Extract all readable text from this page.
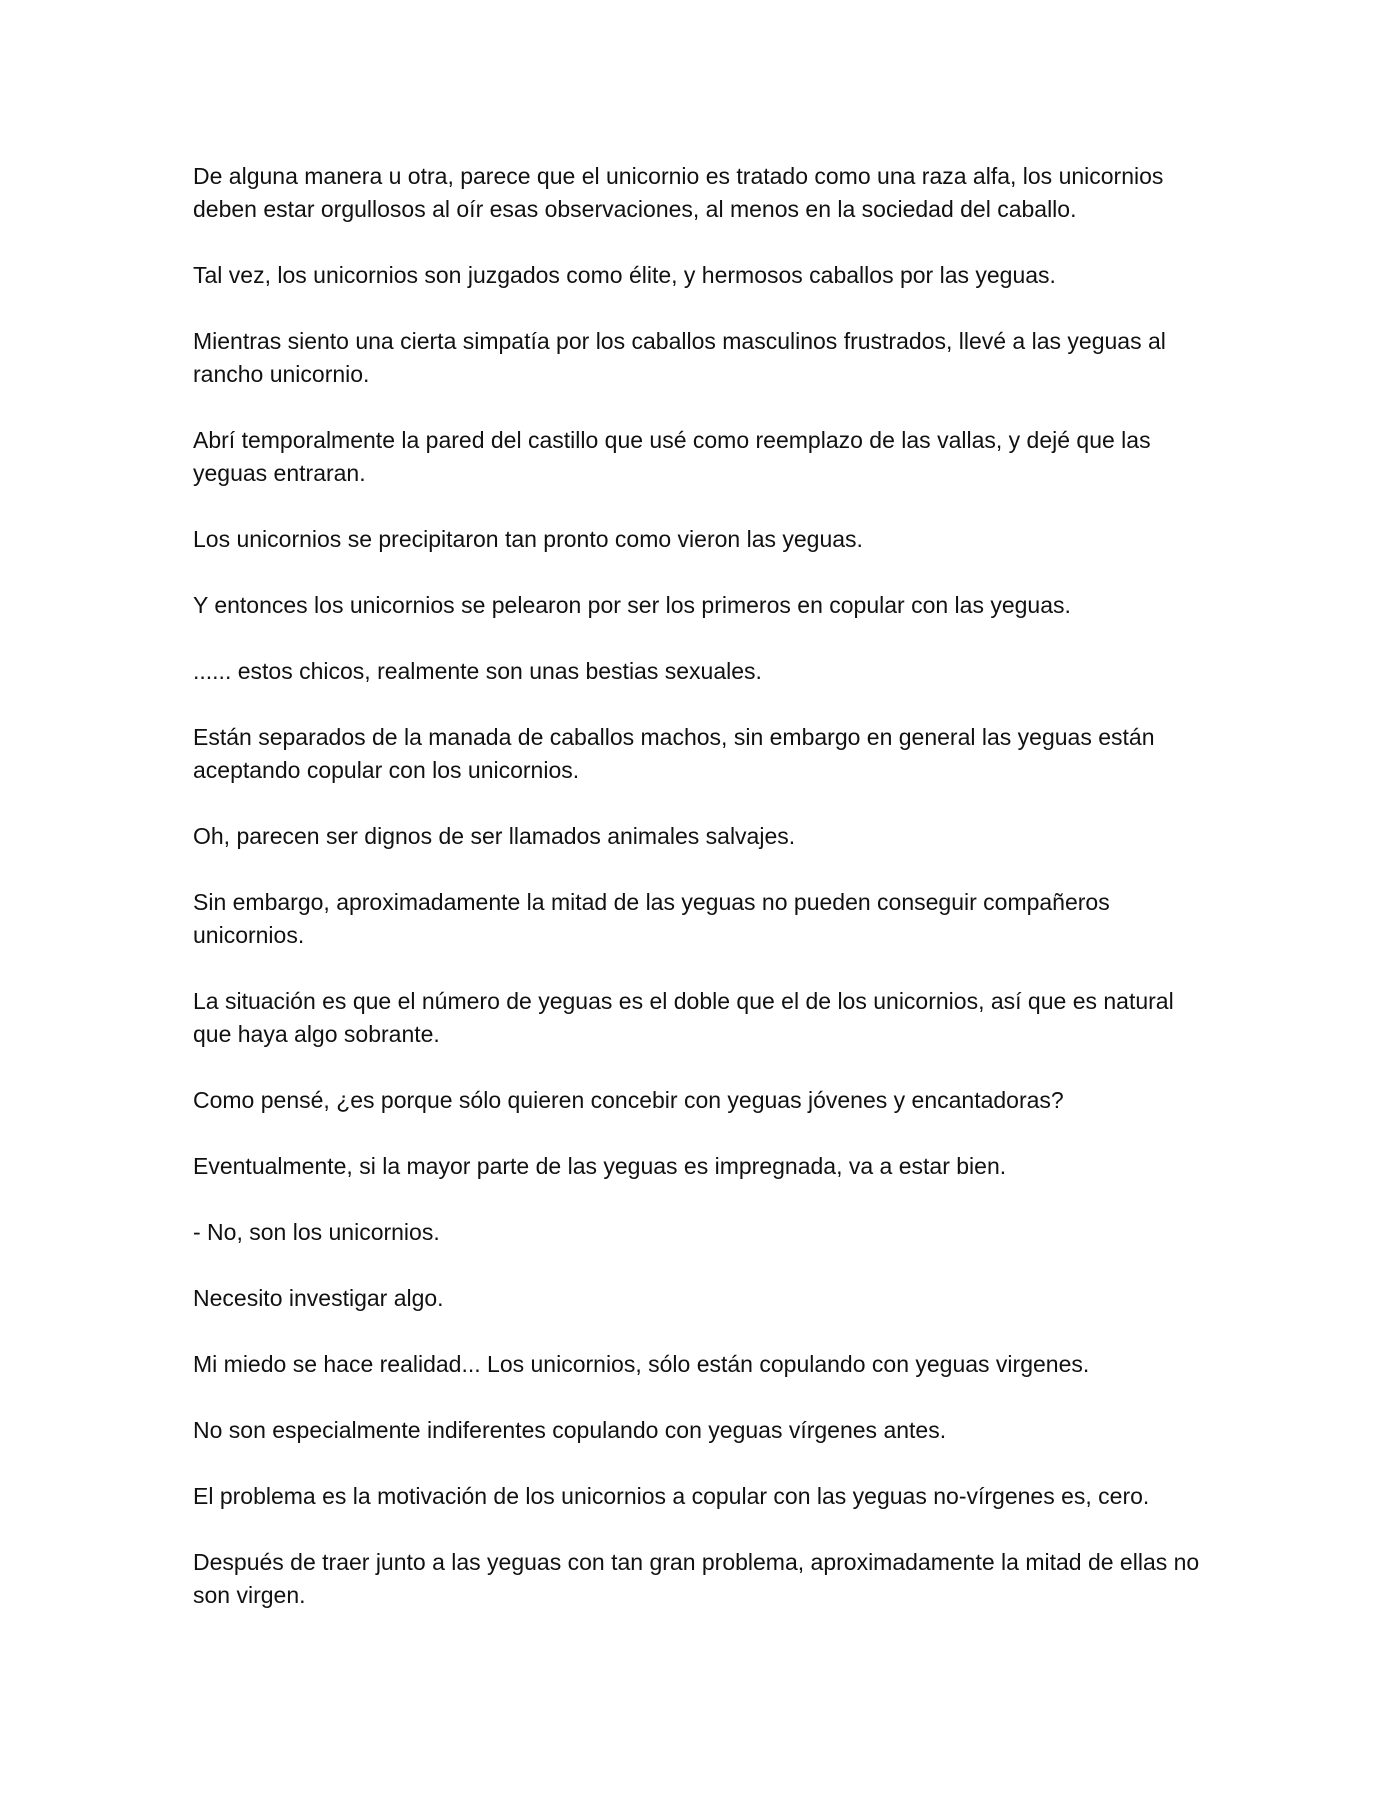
De alguna manera u otra, parece que el unicornio es tratado como una raza alfa, los unicornios deben estar orgullosos al oír esas observaciones, al menos en la sociedad del caballo.

Tal vez, los unicornios son juzgados como élite, y hermosos caballos por las yeguas.

Mientras siento una cierta simpatía por los caballos masculinos frustrados, llevé a las yeguas al rancho unicornio.

Abrí temporalmente la pared del castillo que usé como reemplazo de las vallas, y dejé que las yeguas entraran.

Los unicornios se precipitaron tan pronto como vieron las yeguas.

Y entonces los unicornios se pelearon por ser los primeros en copular con las yeguas.

...... estos chicos, realmente son unas bestias sexuales.

Están separados de la manada de caballos machos, sin embargo en general las yeguas están aceptando copular con los unicornios.

Oh, parecen ser dignos de ser llamados animales salvajes.

Sin embargo, aproximadamente la mitad de las yeguas no pueden conseguir compañeros unicornios.

La situación es que el número de yeguas es el doble que el de los unicornios, así que es natural que haya algo sobrante.

Como pensé, ¿es porque sólo quieren concebir con yeguas jóvenes y encantadoras?

Eventualmente, si la mayor parte de las yeguas es impregnada, va a estar bien.

- No, son los unicornios.

Necesito investigar algo.

Mi miedo se hace realidad... Los unicornios, sólo están copulando con yeguas virgenes.

No son especialmente indiferentes copulando con yeguas vírgenes antes.

El problema es la motivación de los unicornios a copular con las yeguas no-vírgenes es, cero.

Después de traer junto a las yeguas con tan gran problema, aproximadamente la mitad de ellas no son virgen.
